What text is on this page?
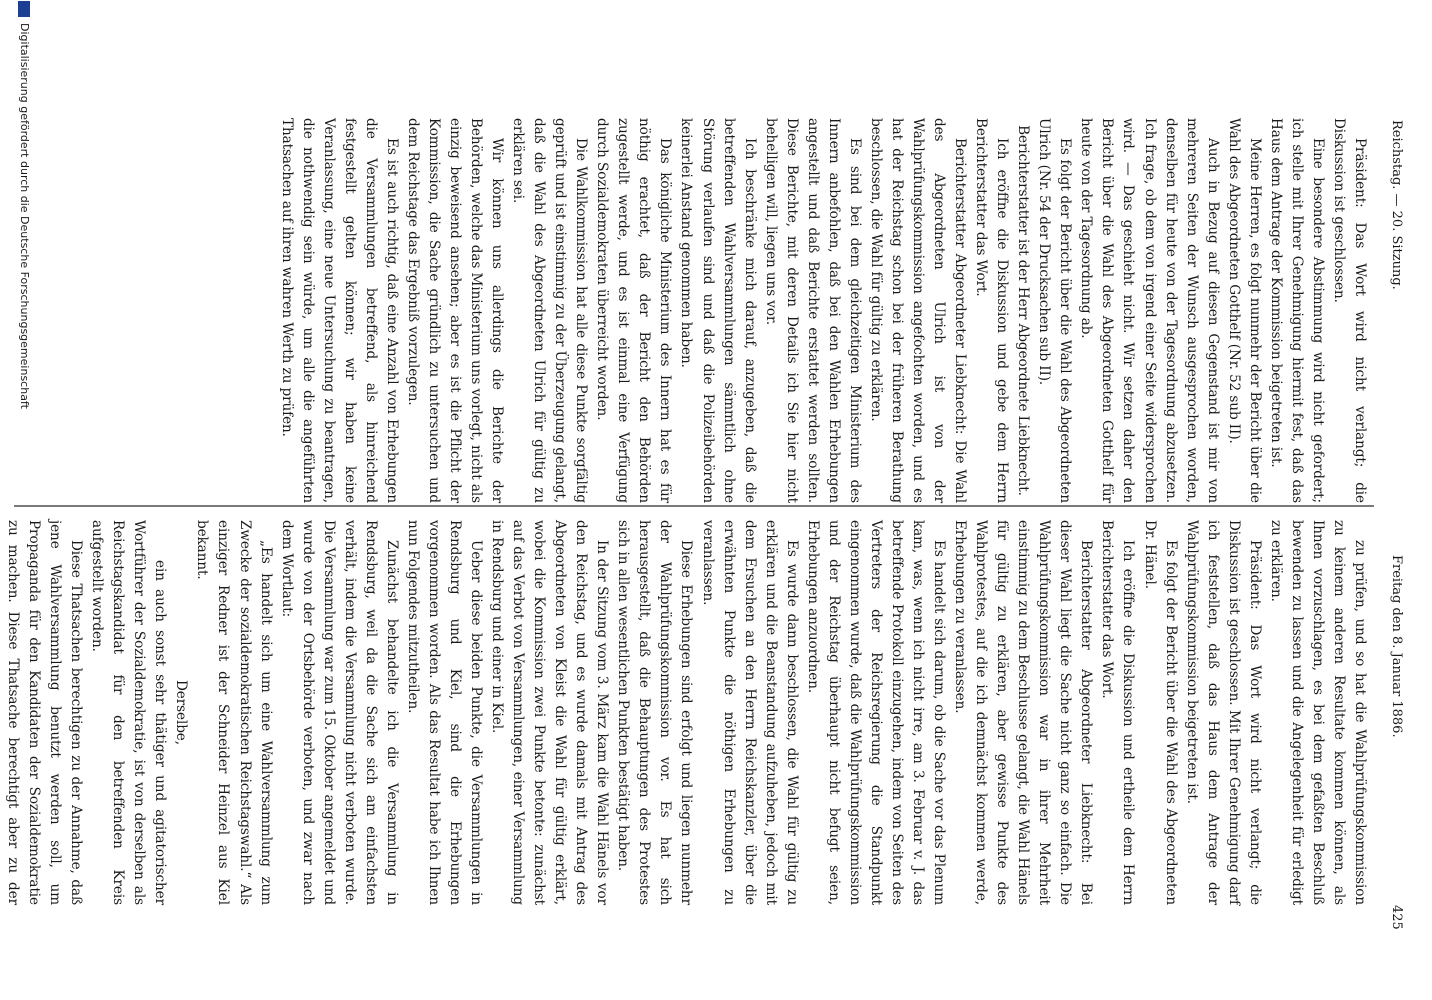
Reichstag. — 20. Sitzung.
Freitag den 8. Januar 1886.
425

Präsident: Das Wort wird nicht verlangt; die Diskussion ist geschlossen.

Eine besondere Abstimmung wird nicht gefordert; ich stelle mit Ihrer Genehmigung hiermit fest, daß das Haus dem Antrage der Kommission beigetreten ist.

Meine Herren, es folgt nunmehr der Bericht über die Wahl des Abgeordneten Gotthelf (Nr. 52 sub II).

Auch in Bezug auf diesen Gegenstand ist mir von mehreren Seiten der Wunsch ausgesprochen worden, denselben für heute von der Tagesordnung abzusetzen. Ich frage, ob dem von irgend einer Seite widersprochen wird. — Das geschieht nicht. Wir setzen daher den Bericht über die Wahl des Abgeordneten Gotthelf für heute von der Tagesordnung ab.

Es folgt der Bericht über die Wahl des Abgeordneten Ulrich (Nr. 54 der Drucksachen sub II).

Berichterstatter ist der Herr Abgeordnete Liebknecht.

Ich eröffne die Diskussion und gebe dem Herrn Berichterstatter das Wort.

Berichterstatter Abgeordneter Liebknecht: Die Wahl des Abgeordneten Ulrich ist von der Wahlprüfungskommission angefochten worden, und es hat der Reichstag schon bei der früheren Berathung beschlossen, die Wahl für gültig zu erklären.

Es sind bei dem gleichzeitigen Ministerium des Innern anbefohlen, daß bei den Wahlen Erhebungen angestellt und daß Berichte erstattet werden sollten. Diese Berichte, mit deren Details ich Sie hier nicht behelligen will, liegen uns vor.

Ich beschränke mich darauf, anzugeben, daß die betreffenden Wahlversammlungen sämmtlich ohne Störung verlaufen sind und daß die Polizeibehörden keinerlei Anstand genommen haben.

Das königliche Ministerium des Innern hat es für nöthig erachtet, daß der Bericht den Behörden zugestellt werde, und es ist einmal eine Verfügung durch Sozialdemokraten überreicht worden.

Die Wahlkommission hat alle diese Punkte sorgfältig geprüft und ist einstimmig zu der Überzeugung gelangt, daß die Wahl des Abgeordneten Ulrich für gültig zu erklären sei.

Wir können uns allerdings die Berichte der Behörden, welche das Ministerium uns vorlegt, nicht als einzig beweisend ansehen; aber es ist die Pflicht der Kommission, die Sache gründlich zu untersuchen und dem Reichstage das Ergebniß vorzulegen.

Es ist auch richtig, daß eine Anzahl von Erhebungen die Versammlungen betreffend, als hinreichend festgestellt gelten können; wir haben keine Veranlassung, eine neue Untersuchung zu beantragen, die nothwendig sein würde, um alle die angeführten Thatsachen auf ihren wahren Werth zu prüfen.

zu prüfen, und so hat die Wahlprüfungskommission zu keinem anderen Resultate kommen können, als Ihnen vorzuschlagen, es bei dem gefaßten Beschluß bewenden zu lassen und die Angelegenheit für erledigt zu erklären.

Präsident: Das Wort wird nicht verlangt; die Diskussion ist geschlossen. Mit Ihrer Genehmigung darf ich feststellen, daß das Haus dem Antrage der Wahlprüfungskommission beigetreten ist.

Es folgt der Bericht über die Wahl des Abgeordneten Dr. Hänel.

Ich eröffne die Diskussion und ertheile dem Herrn Berichterstatter das Wort.

Berichterstatter Abgeordneter Liebknecht: Bei dieser Wahl liegt die Sache nicht ganz so einfach. Die Wahlprüfungskommission war in ihrer Mehrheit einstimmig zu dem Beschlusse gelangt, die Wahl Hänels für gültig zu erklären, aber gewisse Punkte des Wahlprotestes, auf die ich demnächst kommen werde, Erhebungen zu veranlassen.

Es handelt sich darum, ob die Sache vor das Plenum kam, was, wenn ich nicht irre, am 3. Februar v. J. das betreffende Protokoll einzugehen, indem von Seiten des Vertreters der Reichsregierung die Standpunkt eingenommen wurde, daß die Wahlprüfungskommission und der Reichstag überhaupt nicht befugt seien, Erhebungen anzuordnen.

Es wurde dann beschlossen, die Wahl für gültig zu erklären und die Beanstandung aufzuheben, jedoch mit dem Ersuchen an den Herrn Reichskanzler, über die erwähnten Punkte die nöthigen Erhebungen zu veranlassen.

Diese Erhebungen sind erfolgt und liegen nunmehr der Wahlprüfungskommission vor. Es hat sich herausgestellt, daß die Behauptungen des Protestes sich in allen wesentlichen Punkten bestätigt haben.

In der Sitzung vom 3. März kam die Wahl Hänels vor den Reichstag, und es wurde damals mit Antrag des Abgeordneten von Kleist die Wahl für gültig erklärt, wobei die Kommission zwei Punkte betonte: zunächst auf das Verbot von Versammlungen, einer Versammlung in Rendsburg und einer in Kiel.

Ueber diese beiden Punkte, die Versammlungen in Rendsburg und Kiel, sind die Erhebungen vorgenommen worden. Als das Resultat habe ich Ihnen nun Folgendes mitzutheilen.

Zunächst behandelte ich die Versammlung in Rendsburg, weil da die Sache sich am einfachsten verhält, indem die Versammlung nicht verboten wurde. Die Versammlung war zum 15. Oktober angemeldet und wurde von der Ortsbehörde verboten, und zwar nach dem Wortlaut:

„Es handelt sich um eine Wahlversammlung zum Zwecke der sozialdemokratischen Reichstagswahl.“ Als einziger Redner ist der Schneider Heinzel aus Kiel bekannt.

Derselbe,

ein auch sonst sehr thätiger und agitatorischer Wortführer der Sozialdemokratie, ist von derselben als Reichstagskandidat für den betreffenden Kreis aufgestellt worden.

Diese Thatsachen berechtigen zu der Annahme, daß jene Wahlversammlung benutzt werden soll, um Propaganda für den Kandidaten der Sozialdemokratie zu machen. Diese Thatsache berechtigt aber zu der

Digitalisierung gefördert durch die Deutsche Forschungsgemeinschaft
